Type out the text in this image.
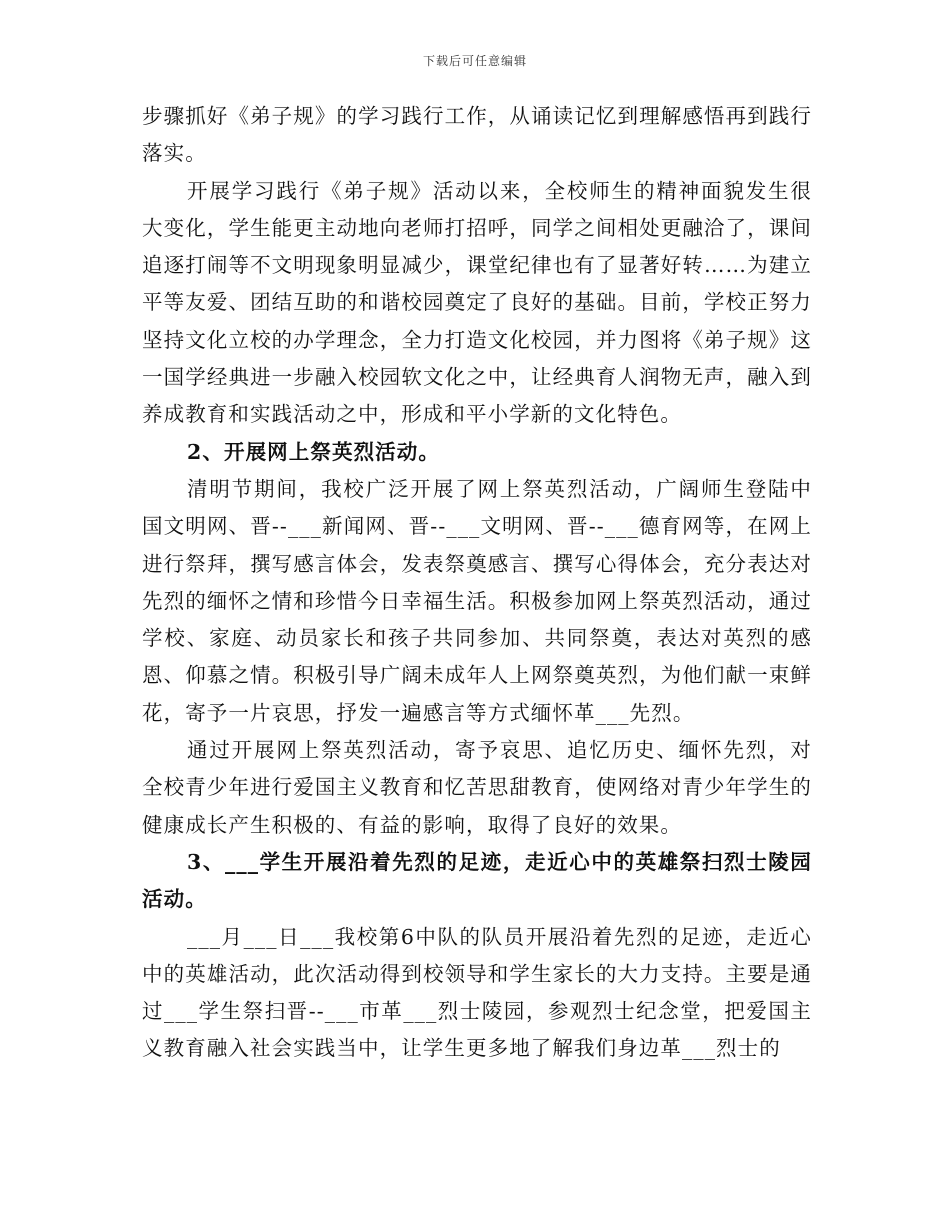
下载后可任意编辑

步骤抓好《弟子规》的学习践行工作，从诵读记忆到理解感悟再到践行落实。

开展学习践行《弟子规》活动以来，全校师生的精神面貌发生很大变化，学生能更主动地向老师打招呼，同学之间相处更融洽了，课间追逐打闹等不文明现象明显减少，课堂纪律也有了显著好转……为建立平等友爱、团结互助的和谐校园奠定了良好的基础。目前，学校正努力坚持文化立校的办学理念，全力打造文化校园，并力图将《弟子规》这一国学经典进一步融入校园软文化之中，让经典育人润物无声，融入到养成教育和实践活动之中，形成和平小学新的文化特色。

2、开展网上祭英烈活动。

清明节期间，我校广泛开展了网上祭英烈活动，广阔师生登陆中国文明网、晋--___新闻网、晋--___文明网、晋--___德育网等，在网上进行祭拜，撰写感言体会，发表祭奠感言、撰写心得体会，充分表达对先烈的缅怀之情和珍惜今日幸福生活。积极参加网上祭英烈活动，通过学校、家庭、动员家长和孩子共同参加、共同祭奠，表达对英烈的感恩、仰慕之情。积极引导广阔未成年人上网祭奠英烈，为他们献一束鲜花，寄予一片哀思，抒发一遍感言等方式缅怀革___先烈。

通过开展网上祭英烈活动，寄予哀思、追忆历史、缅怀先烈，对全校青少年进行爱国主义教育和忆苦思甜教育，使网络对青少年学生的健康成长产生积极的、有益的影响，取得了良好的效果。

3、___学生开展沿着先烈的足迹，走近心中的英雄祭扫烈士陵园活动。

___月___日___我校第6中队的队员开展沿着先烈的足迹，走近心中的英雄活动，此次活动得到校领导和学生家长的大力支持。主要是通过___学生祭扫晋--___市革___烈士陵园，参观烈士纪念堂，把爱国主义教育融入社会实践当中，让学生更多地了解我们身边革___烈士的
